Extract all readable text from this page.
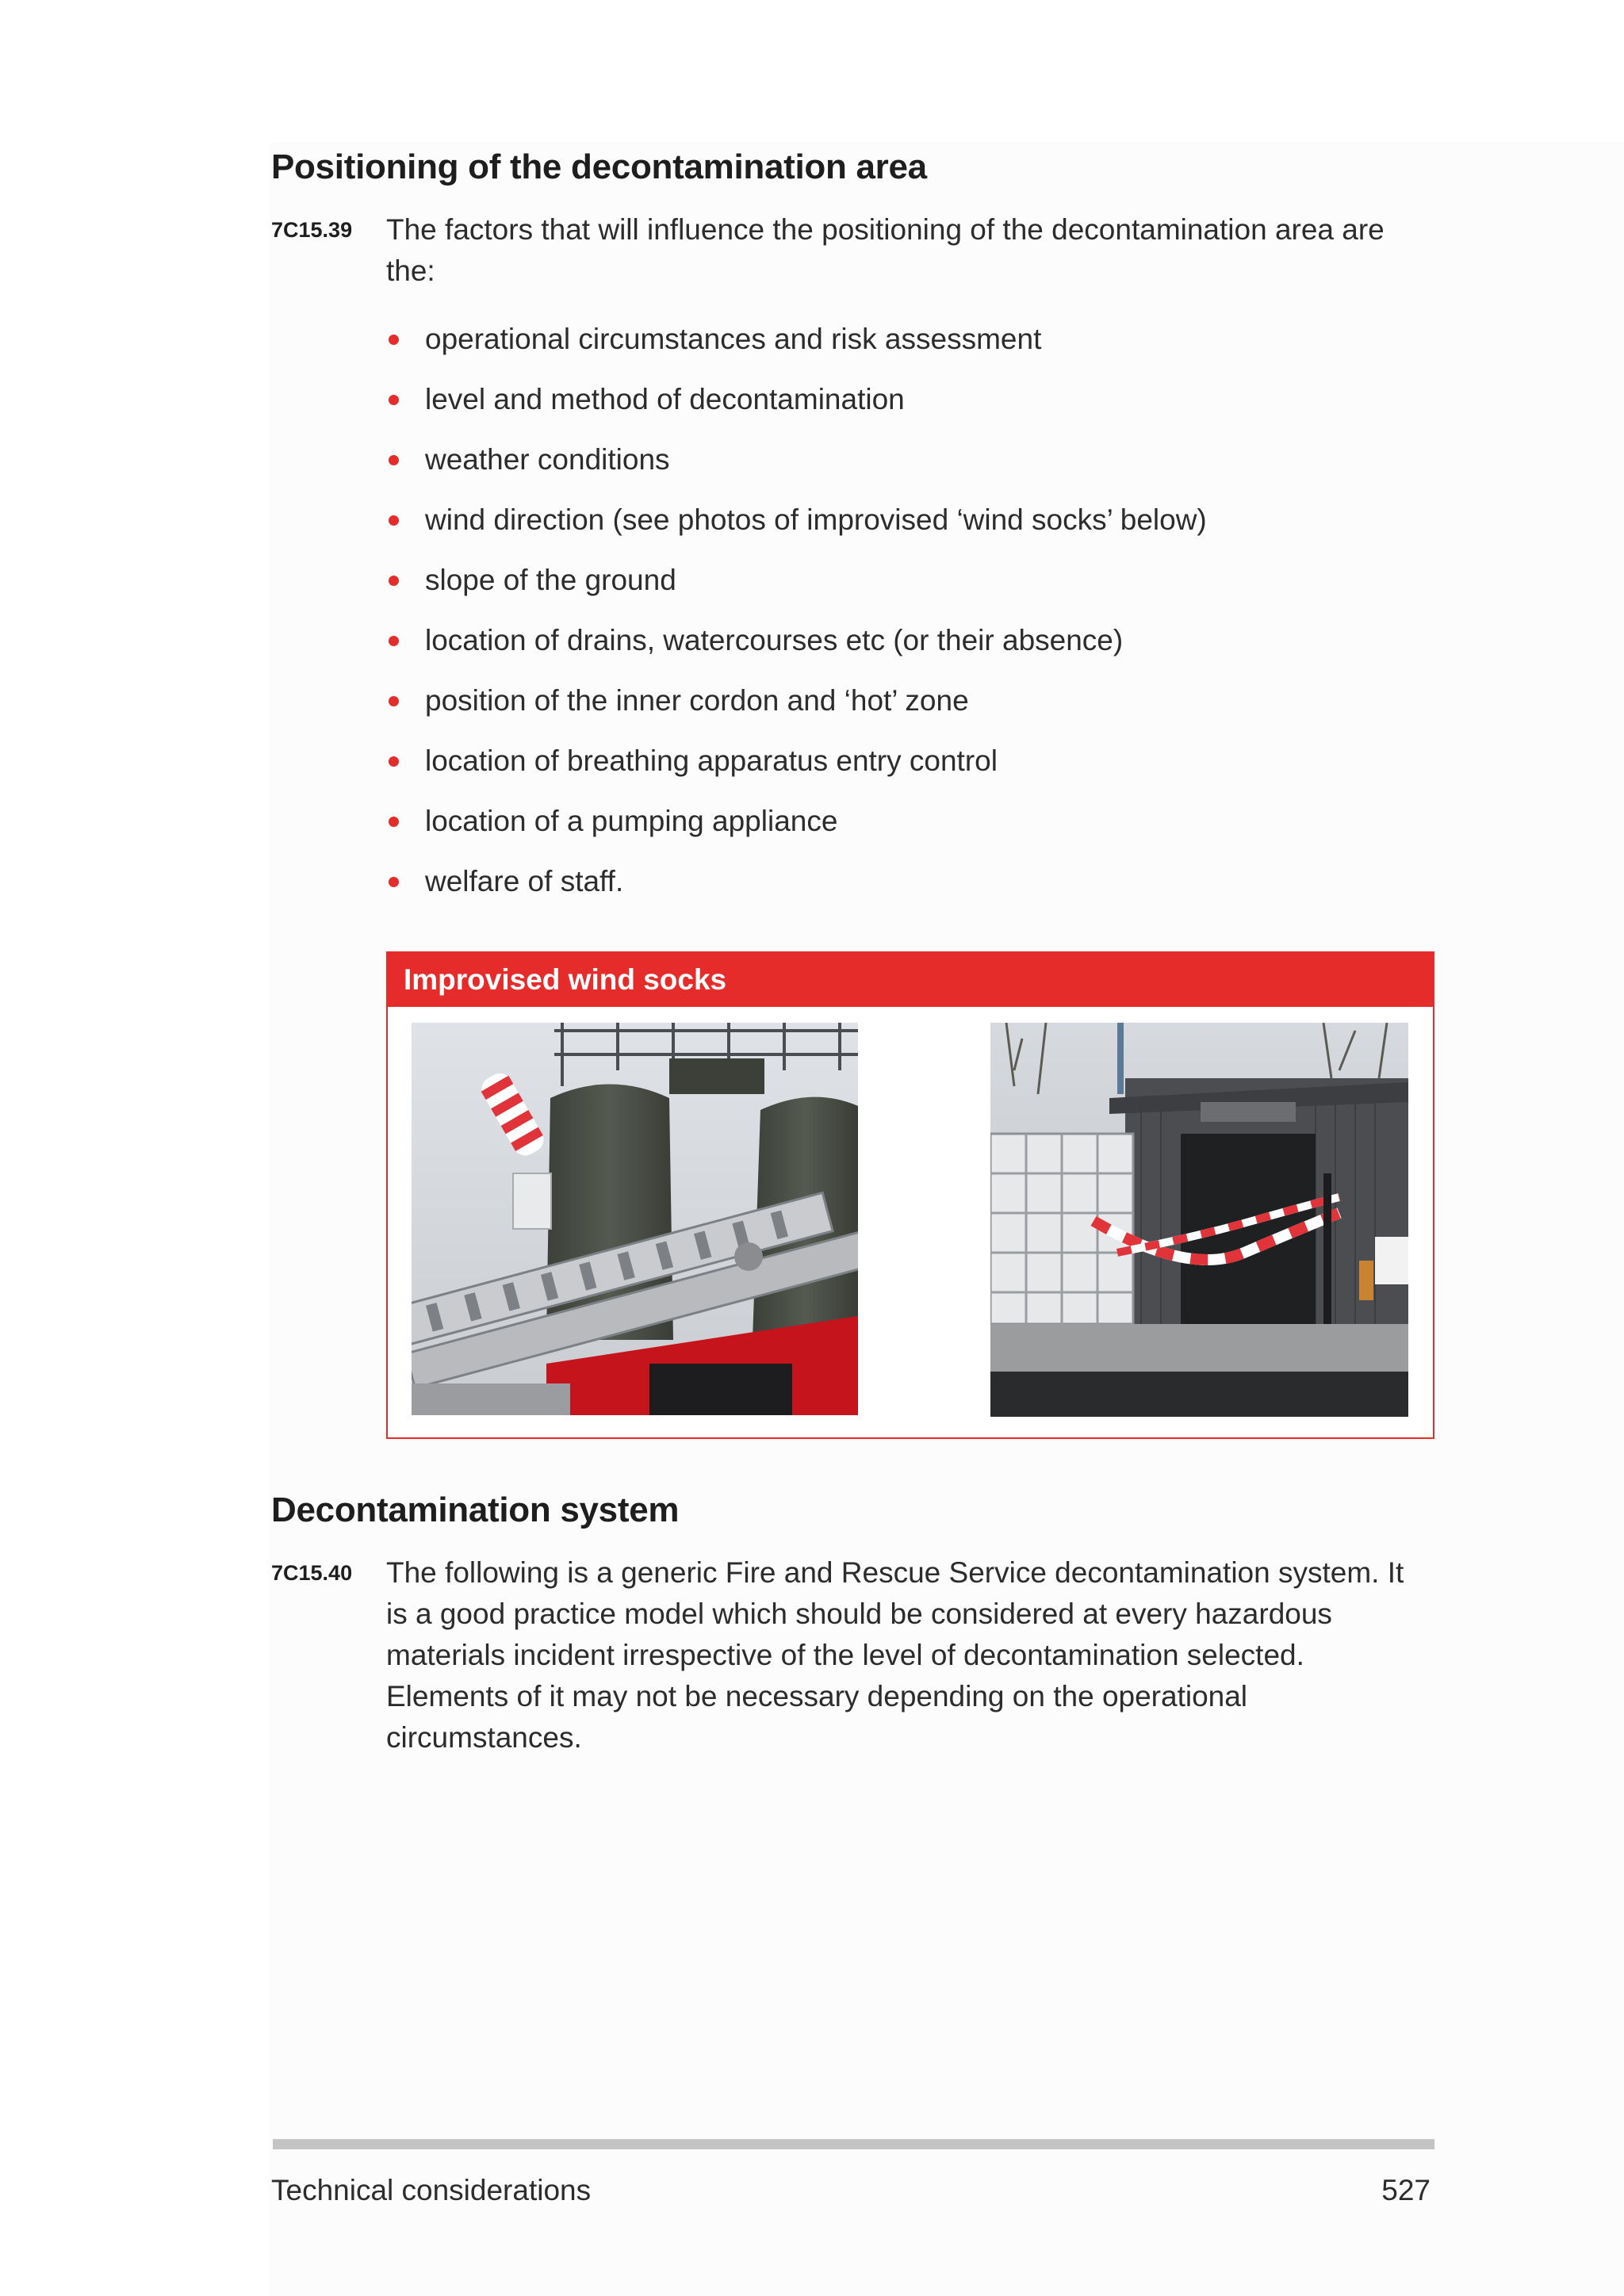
Positioning of the decontamination area
7C15.39 The factors that will influence the positioning of the decontamination area are the:
operational circumstances and risk assessment
level and method of decontamination
weather conditions
wind direction (see photos of improvised ‘wind socks’ below)
slope of the ground
location of drains, watercourses etc (or their absence)
position of the inner cordon and ‘hot’ zone
location of breathing apparatus entry control
location of a pumping appliance
welfare of staff.
Improvised wind socks
Decontamination system
7C15.40 The following is a generic Fire and Rescue Service decontamination system. It is a good practice model which should be considered at every hazardous materials incident irrespective of the level of decontamination selected. Elements of it may not be necessary depending on the operational circumstances.
Technical considerations	527
